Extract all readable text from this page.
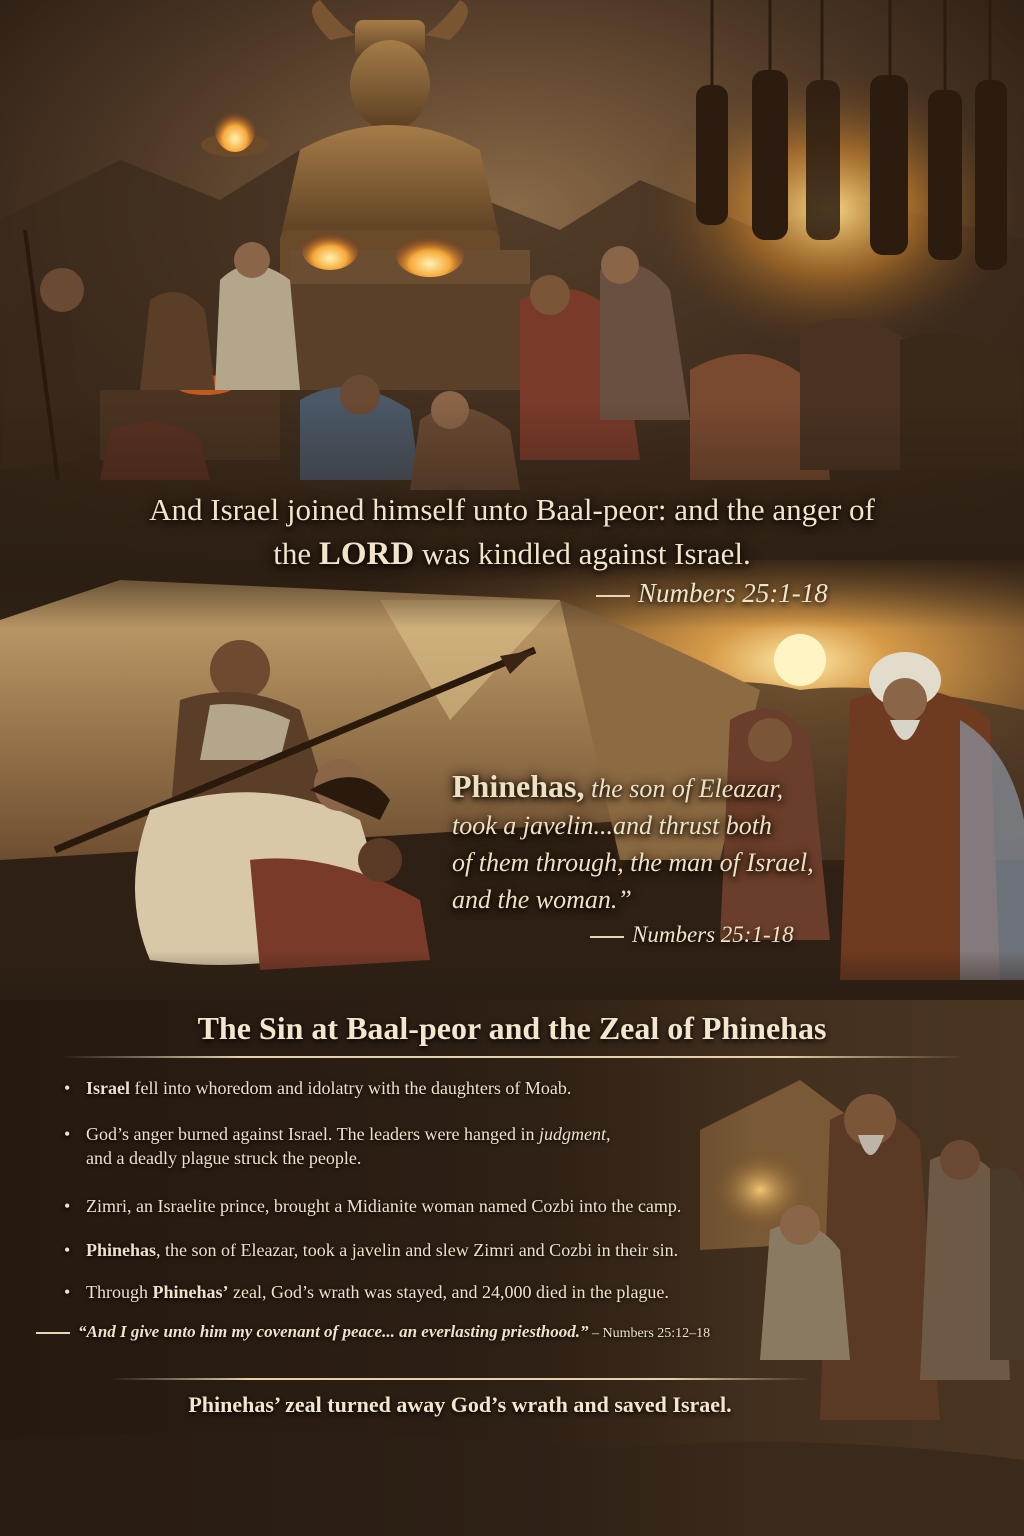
And Israel joined himself unto Baal-peor: and the anger of
the LORD was kindled against Israel.
Numbers 25:1-18
Phinehas, the son of Eleazar,
took a javelin...and thrust both
of them through, the man of Israel,
and the woman.”
Numbers 25:1-18
The Sin at Baal-peor and the Zeal of Phinehas
• Israel fell into whoredom and idolatry with the daughters of Moab.
• God’s anger burned against Israel. The leaders were hanged in judgment,
and a deadly plague struck the people.
• Zimri, an Israelite prince, brought a Midianite woman named Cozbi into the camp.
• Phinehas, the son of Eleazar, took a javelin and slew Zimri and Cozbi in their sin.
• Through Phinehas’ zeal, God’s wrath was stayed, and 24,000 died in the plague.
“And I give unto him my covenant of peace... an everlasting priesthood.” – Numbers 25:12–18
Phinehas’ zeal turned away God’s wrath and saved Israel.
